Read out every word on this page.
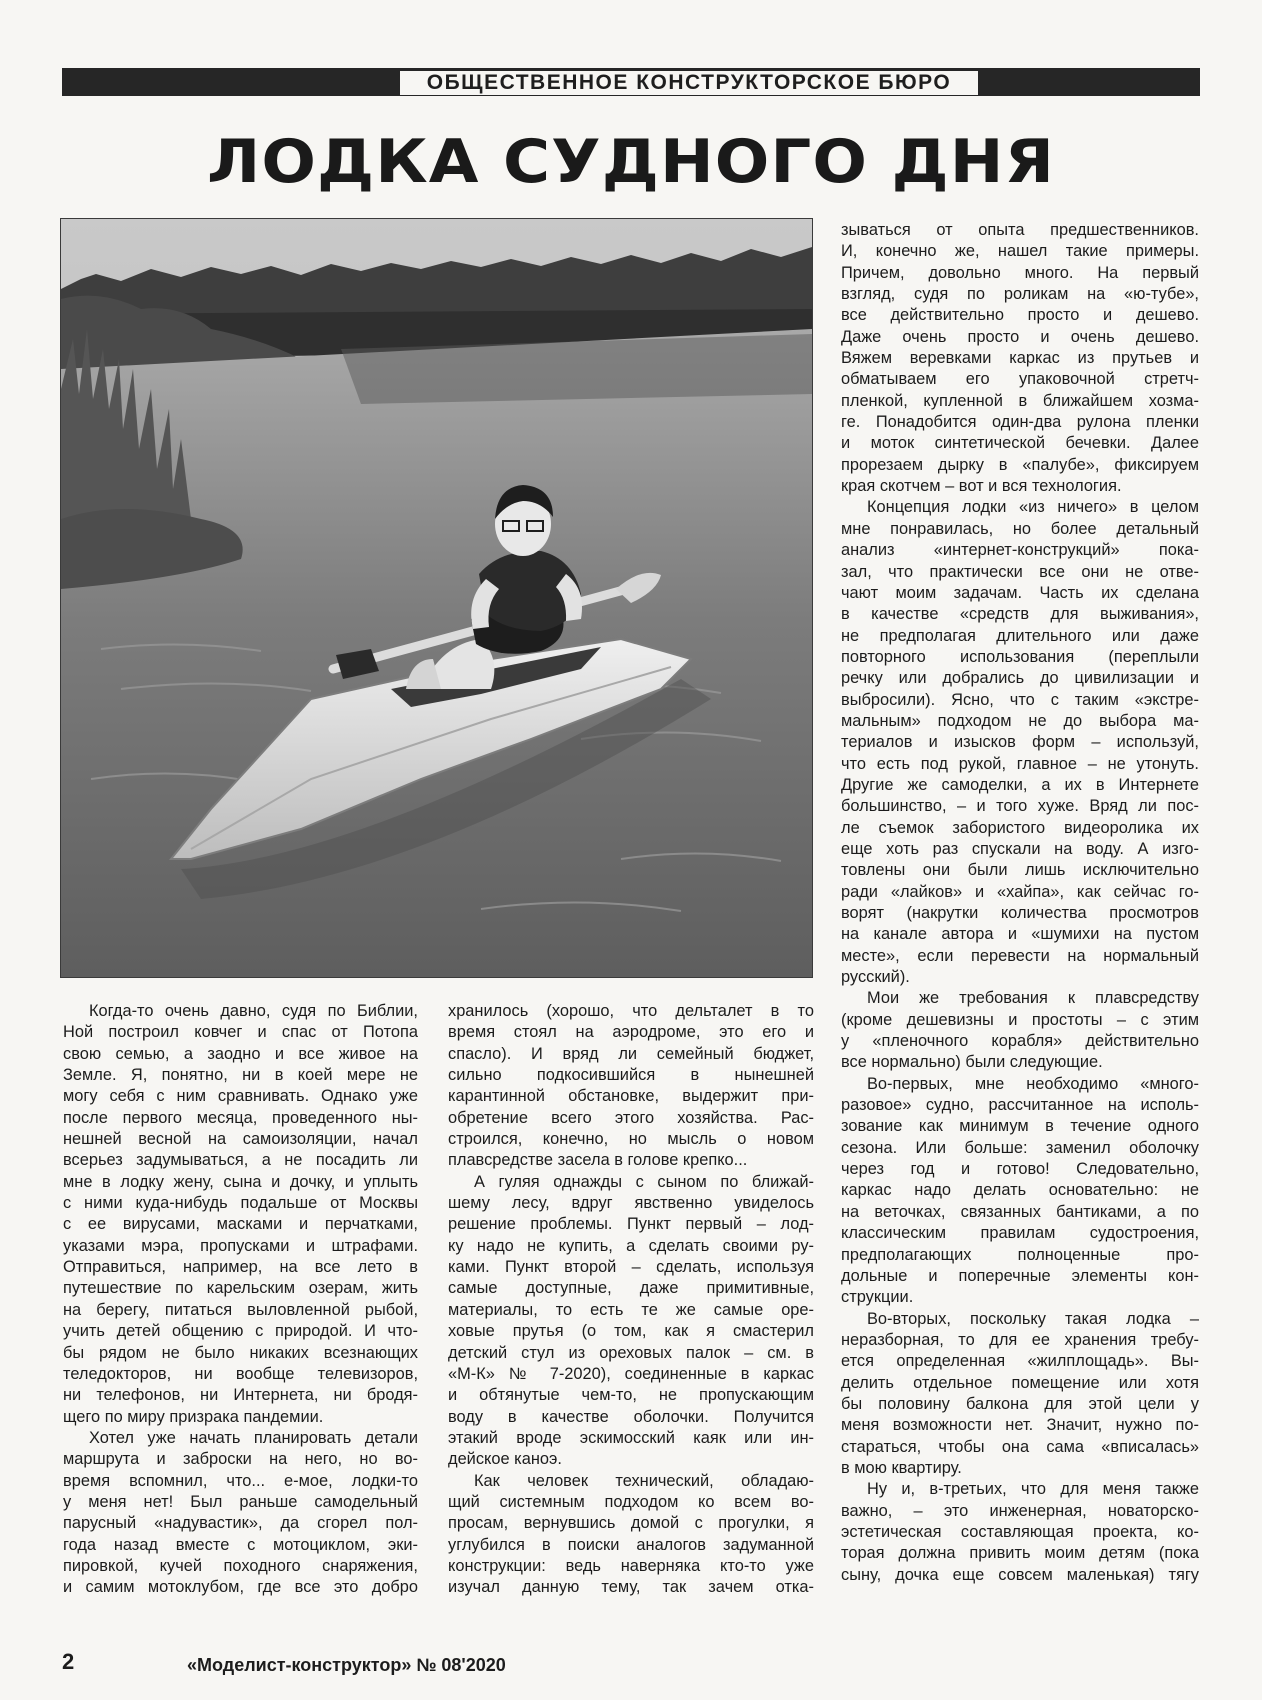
ОБЩЕСТВЕННОЕ КОНСТРУКТОРСКОЕ БЮРО
ЛОДКА СУДНОГО ДНЯ

Когда-то очень давно, судя по Библии,

Ной построил ковчег и спас от Потопа

свою семью, а заодно и все живое на

Земле. Я, понятно, ни в коей мере не

могу себя с ним сравнивать. Однако уже

после первого месяца, проведенного ны-

нешней весной на самоизоляции, начал

всерьез задумываться, а не посадить ли

мне в лодку жену, сына и дочку, и уплыть

с ними куда-нибудь подальше от Москвы

с ее вирусами, масками и перчатками,

указами мэра, пропусками и штрафами.

Отправиться, например, на все лето в

путешествие по карельским озерам, жить

на берегу, питаться выловленной рыбой,

учить детей общению с природой. И что-

бы рядом не было никаких всезнающих

теледокторов, ни вообще телевизоров,

ни телефонов, ни Интернета, ни бродя-

щего по миру призрака пандемии.

Хотел уже начать планировать детали

маршрута и заброски на него, но во-

время вспомнил, что... е-мое, лодки-то

у меня нет! Был раньше самодельный

парусный «надувастик», да сгорел пол-

года назад вместе с мотоциклом, эки-

пировкой, кучей походного снаряжения,

и самим мотоклубом, где все это добро

хранилось (хорошо, что дельталет в то

время стоял на аэродроме, это его и

спасло). И вряд ли семейный бюджет,

сильно подкосившийся в нынешней

карантинной обстановке, выдержит при-

обретение всего этого хозяйства. Рас-

строился, конечно, но мысль о новом

плавсредстве засела в голове крепко...

А гуляя однажды с сыном по ближай-

шему лесу, вдруг явственно увиделось

решение проблемы. Пункт первый – лод-

ку надо не купить, а сделать своими ру-

ками. Пункт второй – сделать, используя

самые доступные, даже примитивные,

материалы, то есть те же самые оре-

ховые прутья (о том, как я смастерил

детский стул из ореховых палок – см. в

«М-К» № 7-2020), соединенные в каркас

и обтянутые чем-то, не пропускающим

воду в качестве оболочки. Получится

этакий вроде эскимосский каяк или ин-

дейское каноэ.

Как человек технический, обладаю-

щий системным подходом ко всем во-

просам, вернувшись домой с прогулки, я

углубился в поиски аналогов задуманной

конструкции: ведь наверняка кто-то уже

изучал данную тему, так зачем отка-

зываться от опыта предшественников.

И, конечно же, нашел такие примеры.

Причем, довольно много. На первый

взгляд, судя по роликам на «ю-тубе»,

все действительно просто и дешево.

Даже очень просто и очень дешево.

Вяжем веревками каркас из прутьев и

обматываем его упаковочной стретч-

пленкой, купленной в ближайшем хозма-

ге. Понадобится один-два рулона пленки

и моток синтетической бечевки. Далее

прорезаем дырку в «палубе», фиксируем

края скотчем – вот и вся технология.

Концепция лодки «из ничего» в целом

мне понравилась, но более детальный

анализ «интернет-конструкций» пока-

зал, что практически все они не отве-

чают моим задачам. Часть их сделана

в качестве «средств для выживания»,

не предполагая длительного или даже

повторного использования (переплыли

речку или добрались до цивилизации и

выбросили). Ясно, что с таким «экстре-

мальным» подходом не до выбора ма-

териалов и изысков форм – используй,

что есть под рукой, главное – не утонуть.

Другие же самоделки, а их в Интернете

большинство, – и того хуже. Вряд ли пос-

ле съемок забористого видеоролика их

еще хоть раз спускали на воду. А изго-

товлены они были лишь исключительно

ради «лайков» и «хайпа», как сейчас го-

ворят (накрутки количества просмотров

на канале автора и «шумихи на пустом

месте», если перевести на нормальный

русский).

Мои же требования к плавсредству

(кроме дешевизны и простоты – с этим

у «пленочного корабля» действительно

все нормально) были следующие.

Во-первых, мне необходимо «много-

разовое» судно, рассчитанное на исполь-

зование как минимум в течение одного

сезона. Или больше: заменил оболочку

через год и готово! Следовательно,

каркас надо делать основательно: не

на веточках, связанных бантиками, а по

классическим правилам судостроения,

предполагающих полноценные про-

дольные и поперечные элементы кон-

струкции.

Во-вторых, поскольку такая лодка –

неразборная, то для ее хранения требу-

ется определенная «жилплощадь». Вы-

делить отдельное помещение или хотя

бы половину балкона для этой цели у

меня возможности нет. Значит, нужно по-

стараться, чтобы она сама «вписалась»

в мою квартиру.

Ну и, в-третьих, что для меня также

важно, – это инженерная, новаторско-

эстетическая составляющая проекта, ко-

торая должна привить моим детям (пока

сыну, дочка еще совсем маленькая) тягу

2	«Моделист-конструктор» № 08'2020
